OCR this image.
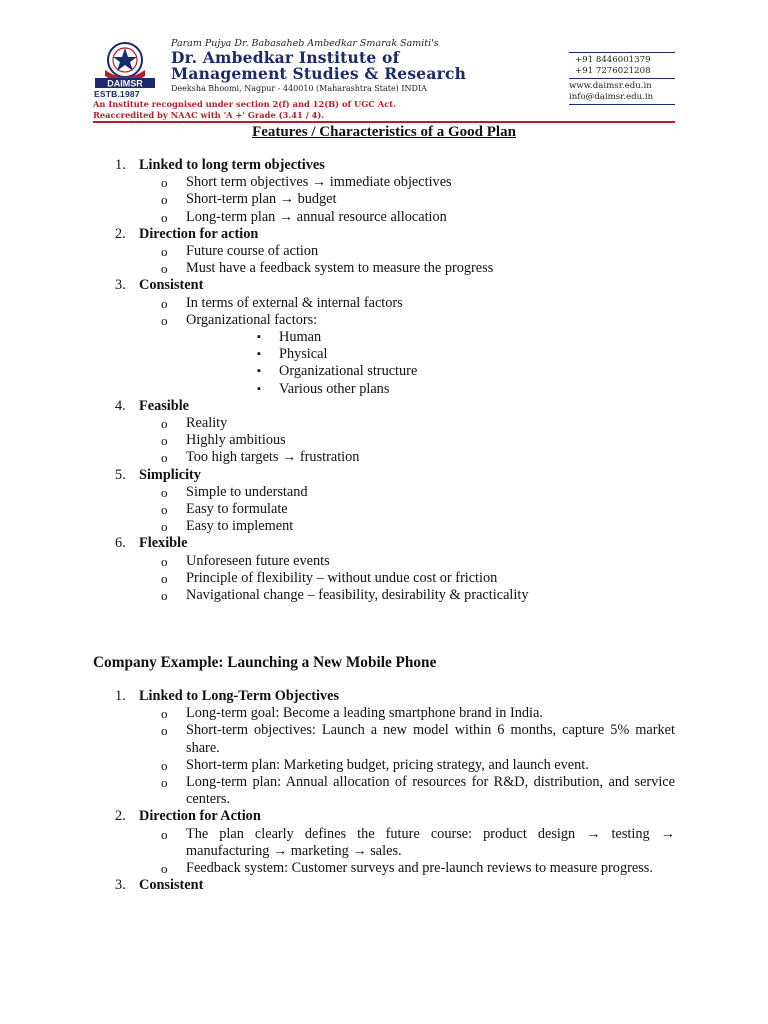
DAIMSR
ESTB.1987
Param Pujya Dr. Babasaheb Ambedkar Smarak Samiti's
Dr. Ambedkar Institute of
Management Studies & Research
Deeksha Bhoomi, Nagpur - 440010 (Maharashtra State) INDIA
An Institute recognised under section 2(f) and 12(B) of UGC Act.
Reaccredited by NAAC with 'A +' Grade (3.41 / 4).
+91 8446001379
+91 7276021208
www.daimsr.edu.in
info@daimsr.edu.in
Features / Characteristics of a Good Plan
1. Linked to long term objectives
o Short term objectives → immediate objectives
o Short-term plan → budget
o Long-term plan → annual resource allocation
2. Direction for action
o Future course of action
o Must have a feedback system to measure the progress
3. Consistent
o In terms of external & internal factors
o Organizational factors:
▪ Human
▪ Physical
▪ Organizational structure
▪ Various other plans
4. Feasible
o Reality
o Highly ambitious
o Too high targets → frustration
5. Simplicity
o Simple to understand
o Easy to formulate
o Easy to implement
6. Flexible
o Unforeseen future events
o Principle of flexibility – without undue cost or friction
o Navigational change – feasibility, desirability & practicality
Company Example: Launching a New Mobile Phone
1. Linked to Long-Term Objectives
o Long-term goal: Become a leading smartphone brand in India.
o Short-term objectives: Launch a new model within 6 months, capture 5% market share.
o Short-term plan: Marketing budget, pricing strategy, and launch event.
o Long-term plan: Annual allocation of resources for R&D, distribution, and service centers.
2. Direction for Action
o The plan clearly defines the future course: product design → testing → manufacturing → marketing → sales.
o Feedback system: Customer surveys and pre-launch reviews to measure progress.
3. Consistent
